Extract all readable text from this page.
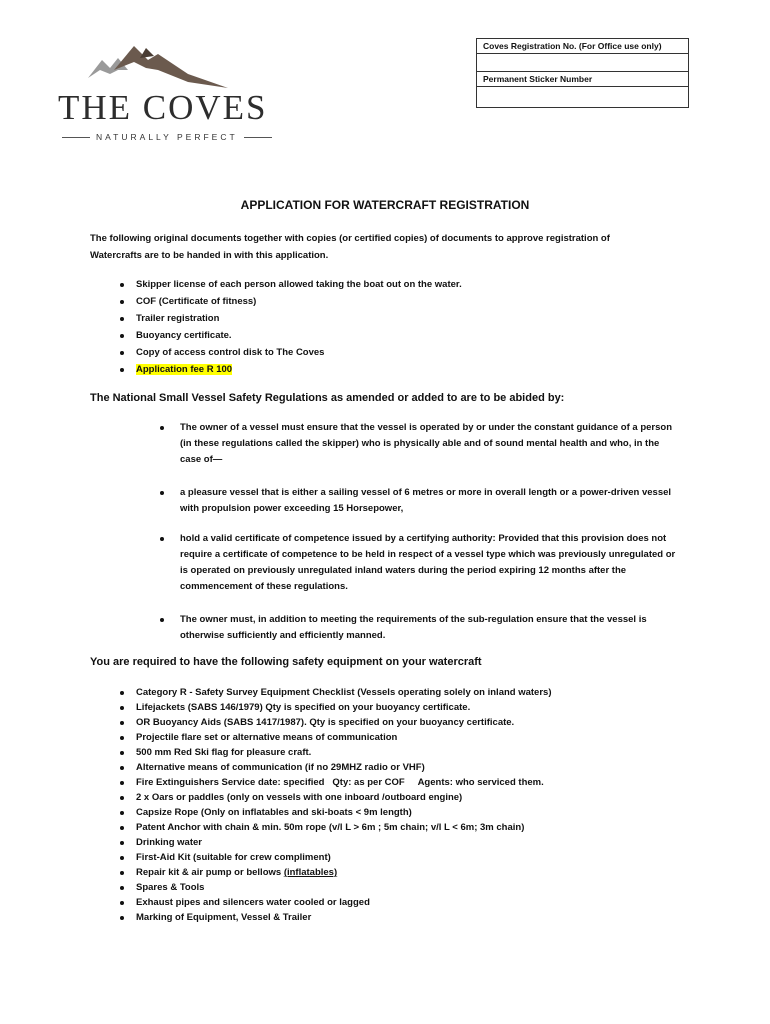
THE COVES
NATURALLY PERFECT
Coves Registration No. (For Office use only)
Permanent Sticker Number
APPLICATION FOR WATERCRAFT REGISTRATION
The following original documents together with copies (or certified copies) of documents to approve registration of Watercrafts are to be handed in with this application.
Skipper license of each person allowed taking the boat out on the water.
COF (Certificate of fitness)
Trailer registration
Buoyancy certificate.
Copy of access control disk to The Coves
Application fee R 100
The National Small Vessel Safety Regulations as amended or added to are to be abided by:
The owner of a vessel must ensure that the vessel is operated by or under the constant guidance of a person (in these regulations called the skipper) who is physically able and of sound mental health and who, in the case of—
a pleasure vessel that is either a sailing vessel of 6 metres or more in overall length or a power-driven vessel with propulsion power exceeding 15 Horsepower,
hold a valid certificate of competence issued by a certifying authority: Provided that this provision does not require a certificate of competence to be held in respect of a vessel type which was previously unregulated or is operated on previously unregulated inland waters during the period expiring 12 months after the commencement of these regulations.
The owner must, in addition to meeting the requirements of the sub-regulation ensure that the vessel is otherwise sufficiently and efficiently manned.
You are required to have the following safety equipment on your watercraft
Category R - Safety Survey Equipment Checklist (Vessels operating solely on inland waters)
Lifejackets (SABS 146/1979) Qty is specified on your buoyancy certificate.
OR Buoyancy Aids (SABS 1417/1987). Qty is specified on your buoyancy certificate.
Projectile flare set or alternative means of communication
500 mm Red Ski flag for pleasure craft.
Alternative means of communication (if no 29MHZ radio or VHF)
Fire Extinguishers Service date: specified   Qty: as per COF     Agents: who serviced them.
2 x Oars or paddles (only on vessels with one inboard /outboard engine)
Capsize Rope (Only on inflatables and ski-boats < 9m length)
Patent Anchor with chain & min. 50m rope (v/l L > 6m ; 5m chain; v/l L < 6m; 3m chain)
Drinking water
First-Aid Kit (suitable for crew compliment)
Repair kit & air pump or bellows (inflatables)
Spares & Tools
Exhaust pipes and silencers water cooled or lagged
Marking of Equipment, Vessel & Trailer
